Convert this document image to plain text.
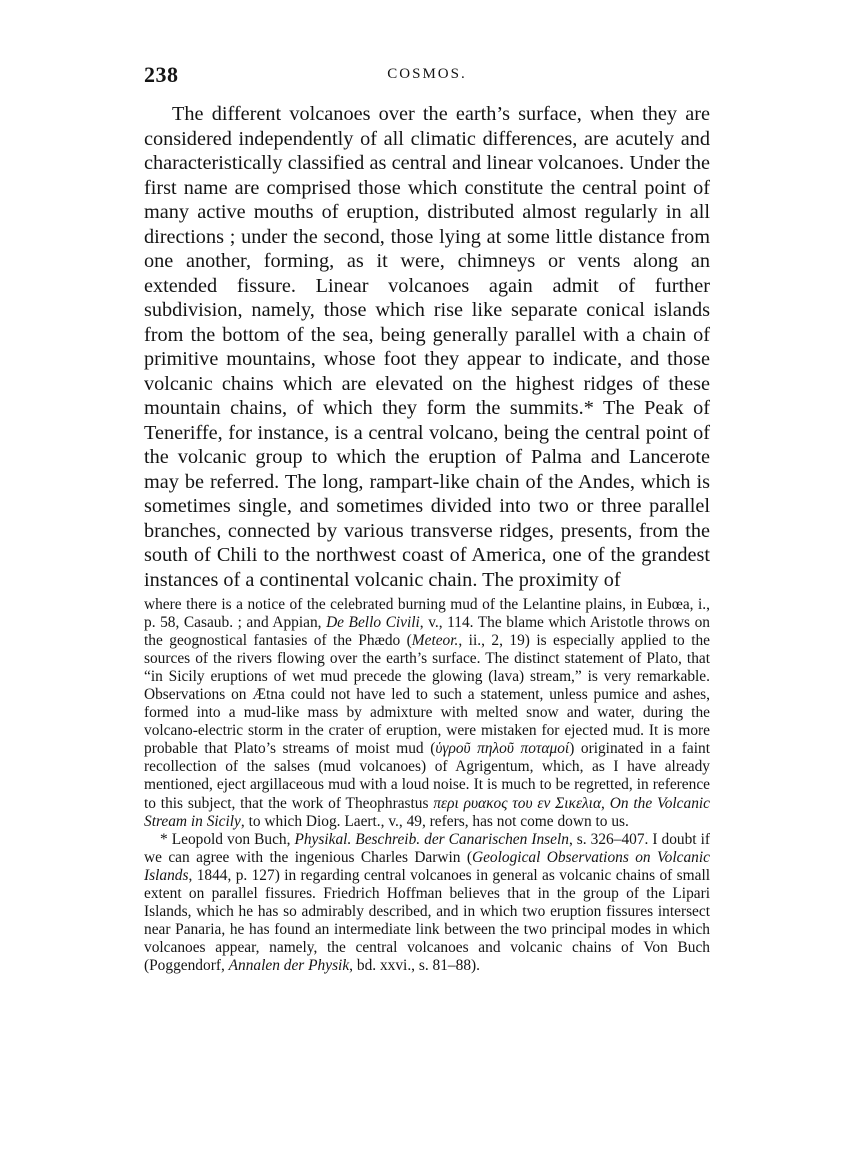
238	COSMOS.

The different volcanoes over the earth’s surface, when they are considered independently of all climatic differences, are acutely and characteristically classified as central and linear volcanoes. Under the first name are comprised those which constitute the central point of many active mouths of eruption, distributed almost regularly in all directions ; under the second, those lying at some little distance from one another, forming, as it were, chimneys or vents along an extended fissure. Linear volcanoes again admit of further subdivision, namely, those which rise like separate conical islands from the bottom of the sea, being generally parallel with a chain of primitive mountains, whose foot they appear to indicate, and those volcanic chains which are elevated on the highest ridges of these mountain chains, of which they form the summits.* The Peak of Teneriffe, for instance, is a central volcano, being the central point of the volcanic group to which the eruption of Palma and Lancerote may be referred. The long, rampart-like chain of the Andes, which is sometimes single, and sometimes divided into two or three parallel branches, connected by various transverse ridges, presents, from the south of Chili to the northwest coast of America, one of the grandest instances of a continental volcanic chain. The proximity of

where there is a notice of the celebrated burning mud of the Lelantine plains, in Eubœa, i., p. 58, Casaub. ; and Appian, De Bello Civili, v., 114. The blame which Aristotle throws on the geognostical fantasies of the Phædo (Meteor., ii., 2, 19) is especially applied to the sources of the rivers flowing over the earth’s surface. The distinct statement of Plato, that “in Sicily eruptions of wet mud precede the glowing (lava) stream,” is very remarkable. Observations on Ætna could not have led to such a statement, unless pumice and ashes, formed into a mud-like mass by admixture with melted snow and water, during the volcano-electric storm in the crater of eruption, were mistaken for ejected mud. It is more probable that Plato’s streams of moist mud (ὑγροῦ πηλοῦ ποταμοί) originated in a faint recollection of the salses (mud volcanoes) of Agrigentum, which, as I have already mentioned, eject argillaceous mud with a loud noise. It is much to be regretted, in reference to this subject, that the work of Theophrastus περι ρυακος του εν Σικελια, On the Volcanic Stream in Sicily, to which Diog. Laert., v., 49, refers, has not come down to us.

* Leopold von Buch, Physikal. Beschreib. der Canarischen Inseln, s. 326–407. I doubt if we can agree with the ingenious Charles Darwin (Geological Observations on Volcanic Islands, 1844, p. 127) in regarding central volcanoes in general as volcanic chains of small extent on parallel fissures. Friedrich Hoffman believes that in the group of the Lipari Islands, which he has so admirably described, and in which two eruption fissures intersect near Panaria, he has found an intermediate link between the two principal modes in which volcanoes appear, namely, the central volcanoes and volcanic chains of Von Buch (Poggendorf, Annalen der Physik, bd. xxvi., s. 81–88).
